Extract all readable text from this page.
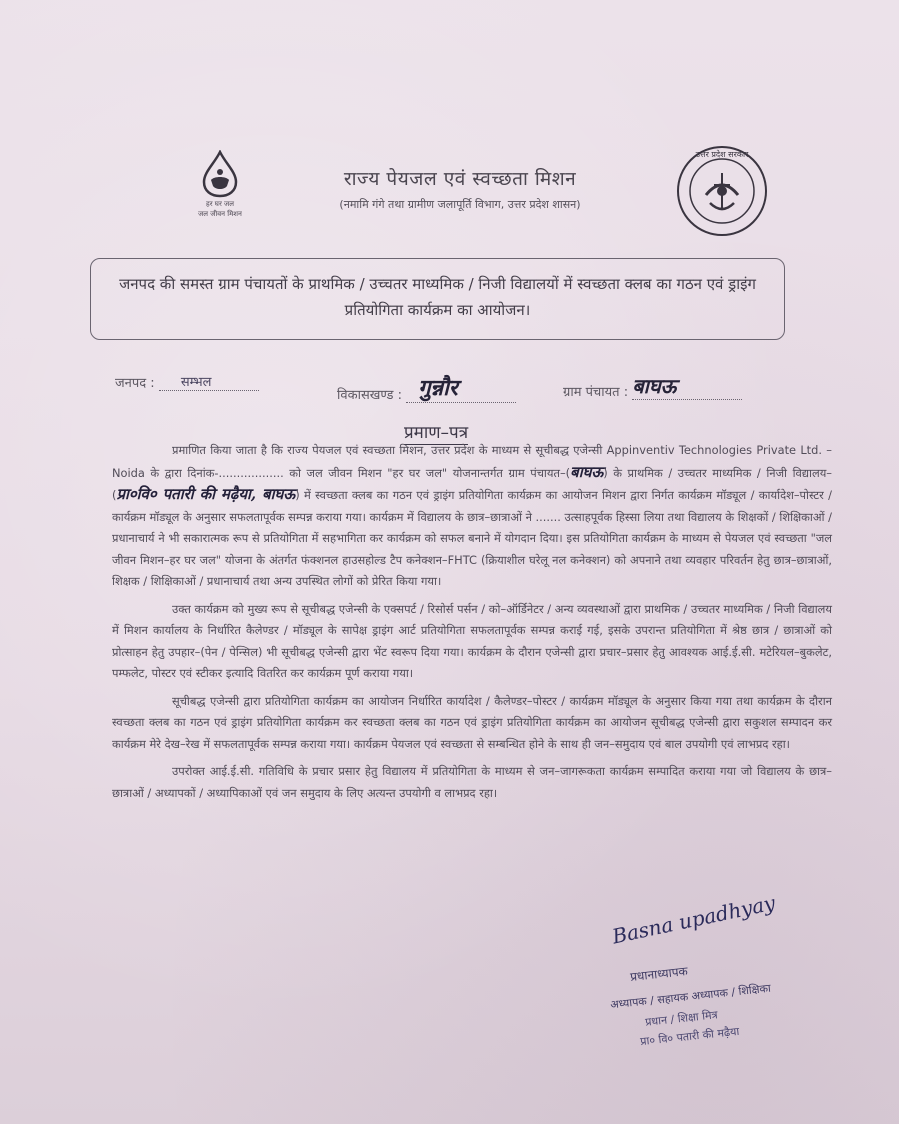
हर घर जल
जल जीवन मिशन
राज्य पेयजल एवं स्वच्छता मिशन
(नमामि गंगे तथा ग्रामीण जलापूर्ति विभाग, उत्तर प्रदेश शासन)
उत्तर प्रदेश सरकार
जनपद की समस्त ग्राम पंचायतों के प्राथमिक / उच्चतर माध्यमिक / निजी विद्यालयों में स्वच्छता क्लब का गठन एवं ड्राइंग प्रतियोगिता कार्यक्रम का आयोजन।
जनपद : सम्भल
विकासखण्ड : गुन्नौर	ग्राम पंचायत : बाघऊ
प्रमाण–पत्र

प्रमाणित किया जाता है कि राज्य पेयजल एवं स्वच्छता मिशन, उत्तर प्रदेश के माध्यम से सूचीबद्ध एजेन्सी Appinventiv Technologies Private Ltd. – Noida के द्वारा दिनांक-.................. को जल जीवन मिशन "हर घर जल" योजनान्तर्गत ग्राम पंचायत–(बाघऊ) के प्राथमिक / उच्चतर माध्यमिक / निजी विद्यालय–(प्रा०वि० पतारी की मढ़ैया, बाघऊ) में स्वच्छता क्लब का गठन एवं ड्राइंग प्रतियोगिता कार्यक्रम का आयोजन मिशन द्वारा निर्गत कार्यक्रम मॉड्यूल / कार्यादेश–पोस्टर / कार्यक्रम मॉड्यूल के अनुसार सफलतापूर्वक सम्पन्न कराया गया। कार्यक्रम में विद्यालय के छात्र–छात्राओं ने ....... उत्साहपूर्वक हिस्सा लिया तथा विद्यालय के शिक्षकों / शिक्षिकाओं / प्रधानाचार्य ने भी सकारात्मक रूप से प्रतियोगिता में सहभागिता कर कार्यक्रम को सफल बनाने में योगदान दिया। इस प्रतियोगिता कार्यक्रम के माध्यम से पेयजल एवं स्वच्छता "जल जीवन मिशन–हर घर जल" योजना के अंतर्गत फंक्शनल हाउसहोल्ड टैप कनेक्शन–FHTC (क्रियाशील घरेलू नल कनेक्शन) को अपनाने तथा व्यवहार परिवर्तन हेतु छात्र–छात्राओं, शिक्षक / शिक्षिकाओं / प्रधानाचार्य तथा अन्य उपस्थित लोगों को प्रेरित किया गया।

उक्त कार्यक्रम को मुख्य रूप से सूचीबद्ध एजेन्सी के एक्सपर्ट / रिसोर्स पर्सन / को–ऑर्डिनेटर / अन्य व्यवस्थाओं द्वारा प्राथमिक / उच्चतर माध्यमिक / निजी विद्यालय में मिशन कार्यालय के निर्धारित कैलेण्डर / मॉड्यूल के सापेक्ष ड्राइंग आर्ट प्रतियोगिता सफलतापूर्वक सम्पन्न कराई गई, इसके उपरान्त प्रतियोगिता में श्रेष्ठ छात्र / छात्राओं को प्रोत्साहन हेतु उपहार–(पेन / पेन्सिल) भी सूचीबद्ध एजेन्सी द्वारा भेंट स्वरूप दिया गया। कार्यक्रम के दौरान एजेन्सी द्वारा प्रचार–प्रसार हेतु आवश्यक आई.ई.सी. मटेरियल–बुकलेट, पम्फलेट, पोस्टर एवं स्टीकर इत्यादि वितरित कर कार्यक्रम पूर्ण कराया गया।

सूचीबद्ध एजेन्सी द्वारा प्रतियोगिता कार्यक्रम का आयोजन निर्धारित कार्यादेश / कैलेण्डर–पोस्टर / कार्यक्रम मॉड्यूल के अनुसार किया गया तथा कार्यक्रम के दौरान स्वच्छता क्लब का गठन एवं ड्राइंग प्रतियोगिता कार्यक्रम कर स्वच्छता क्लब का गठन एवं ड्राइंग प्रतियोगिता कार्यक्रम का आयोजन सूचीबद्ध एजेन्सी द्वारा सकुशल सम्पादन कर कार्यक्रम मेरे देख–रेख में सफलतापूर्वक सम्पन्न कराया गया। कार्यक्रम पेयजल एवं स्वच्छता से सम्बन्धित होने के साथ ही जन–समुदाय एवं बाल उपयोगी एवं लाभप्रद रहा।

उपरोक्त आई.ई.सी. गतिविधि के प्रचार प्रसार हेतु विद्यालय में प्रतियोगिता के माध्यम से जन–जागरूकता कार्यक्रम सम्पादित कराया गया जो विद्यालय के छात्र–छात्राओं / अध्यापकों / अध्यापिकाओं एवं जन समुदाय के लिए अत्यन्त उपयोगी व लाभप्रद रहा।

Basna upadhyay
प्रधानाध्यापक
अध्यापक / सहायक अध्यापक / शिक्षिका
प्रधान / शिक्षा मित्र
प्रा० वि० पतारी की मढ़ैया
